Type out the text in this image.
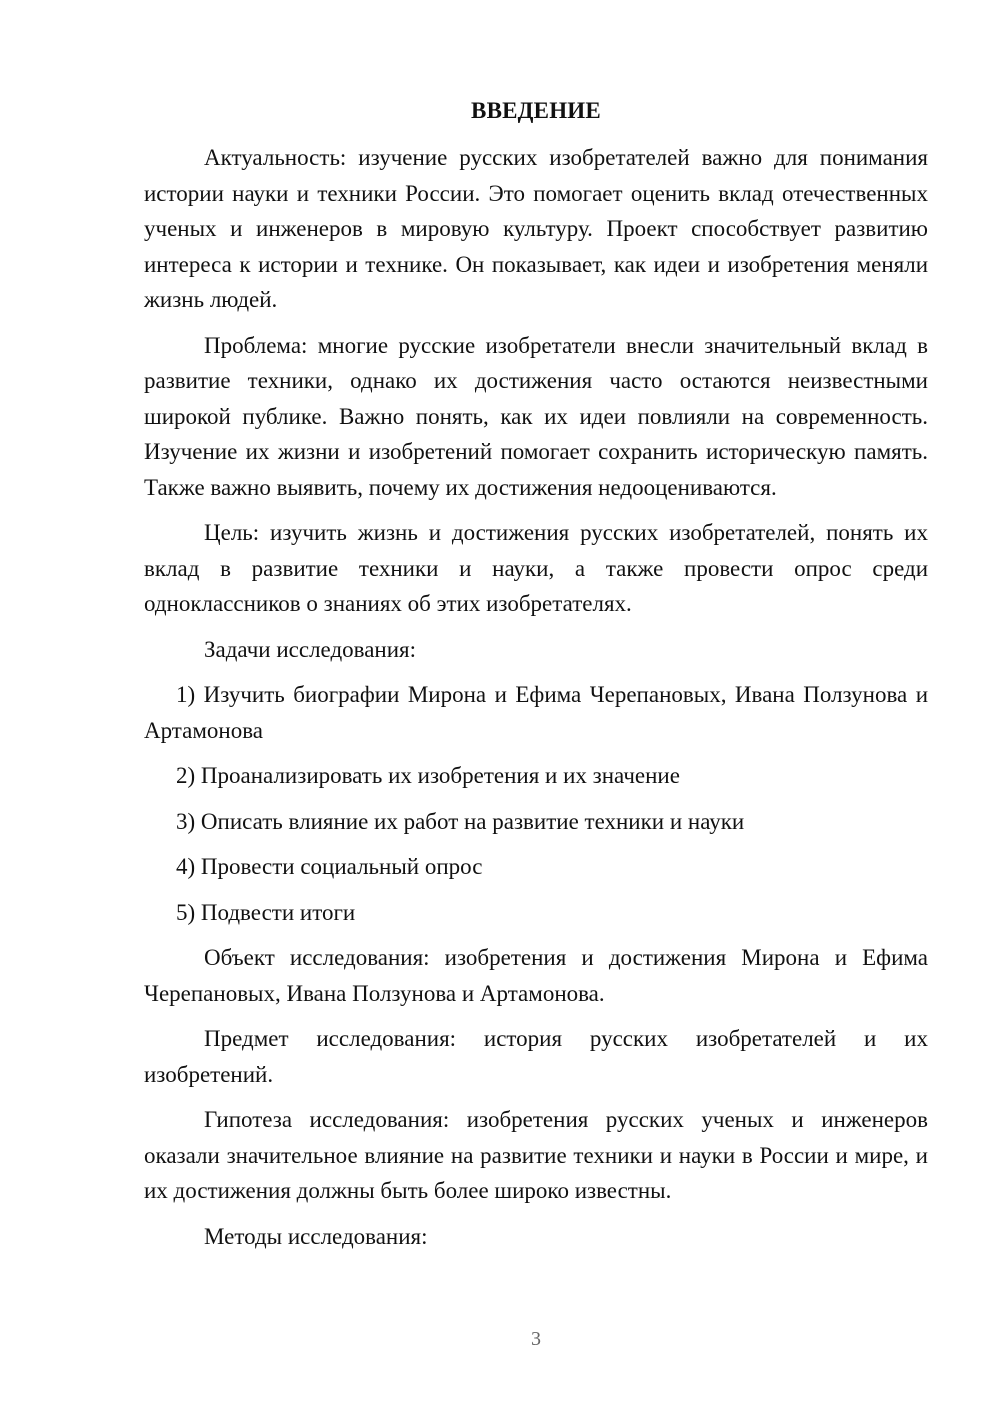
ВВЕДЕНИЕ

Актуальность: изучение русских изобретателей важно для понимания истории науки и техники России. Это помогает оценить вклад отечественных ученых и инженеров в мировую культуру. Проект способствует развитию интереса к истории и технике. Он показывает, как идеи и изобретения меняли жизнь людей.

Проблема: многие русские изобретатели внесли значительный вклад в развитие техники, однако их достижения часто остаются неизвестными широкой публике. Важно понять, как их идеи повлияли на современность. Изучение их жизни и изобретений помогает сохранить историческую память. Также важно выявить, почему их достижения недооцениваются.

Цель: изучить жизнь и достижения русских изобретателей, понять их вклад в развитие техники и науки, а также провести опрос среди одноклассников о знаниях об этих изобретателях.

Задачи исследования:

1) Изучить биографии Мирона и Ефима Черепановых, Ивана Ползунова и Артамонова
2) Проанализировать их изобретения и их значение
3) Описать влияние их работ на развитие техники и науки
4) Провести социальный опрос
5) Подвести итоги

Объект исследования: изобретения и достижения Мирона и Ефима Черепановых, Ивана Ползунова и Артамонова.

Предмет исследования: история русских изобретателей и их изобретений.

Гипотеза исследования: изобретения русских ученых и инженеров оказали значительное влияние на развитие техники и науки в России и мире, и их достижения должны быть более широко известны.

Методы исследования:

3
